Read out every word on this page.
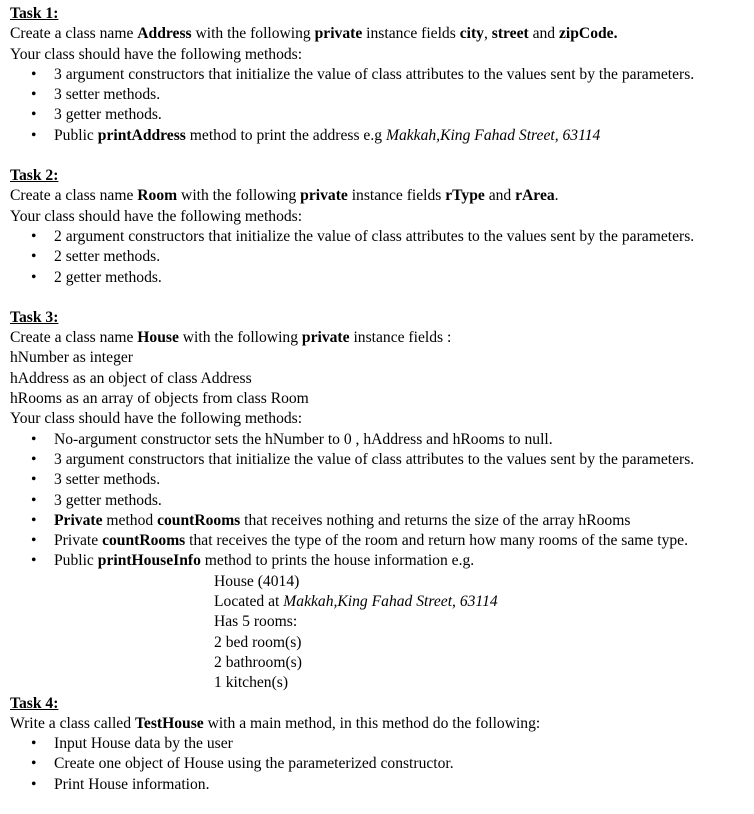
Task 1:
Create a class name Address with the following private instance fields city, street and zipCode.
Your class should have the following methods:
• 3 argument constructors that initialize the value of class attributes to the values sent by the parameters.
• 3 setter methods.
• 3 getter methods.
• Public printAddress method to print the address e.g Makkah,King Fahad Street, 63114
Task 2:
Create a class name Room with the following private instance fields rType and rArea.
Your class should have the following methods:
• 2 argument constructors that initialize the value of class attributes to the values sent by the parameters.
• 2 setter methods.
• 2 getter methods.
Task 3:
Create a class name House with the following private instance fields :
hNumber as integer
hAddress as an object of class Address
hRooms as an array of objects from class Room
Your class should have the following methods:
• No-argument constructor sets the hNumber to 0 , hAddress and hRooms to null.
• 3 argument constructors that initialize the value of class attributes to the values sent by the parameters.
• 3 setter methods.
• 3 getter methods.
• Private method countRooms that receives nothing and returns the size of the array hRooms
• Private countRooms that receives the type of the room and return how many rooms of the same type.
• Public printHouseInfo method to prints the house information e.g.
House (4014)
Located at Makkah,King Fahad Street, 63114
Has 5 rooms:
2 bed room(s)
2 bathroom(s)
1 kitchen(s)
Task 4:
Write a class called TestHouse with a main method, in this method do the following:
• Input House data by the user
• Create one object of House using the parameterized constructor.
• Print House information.
